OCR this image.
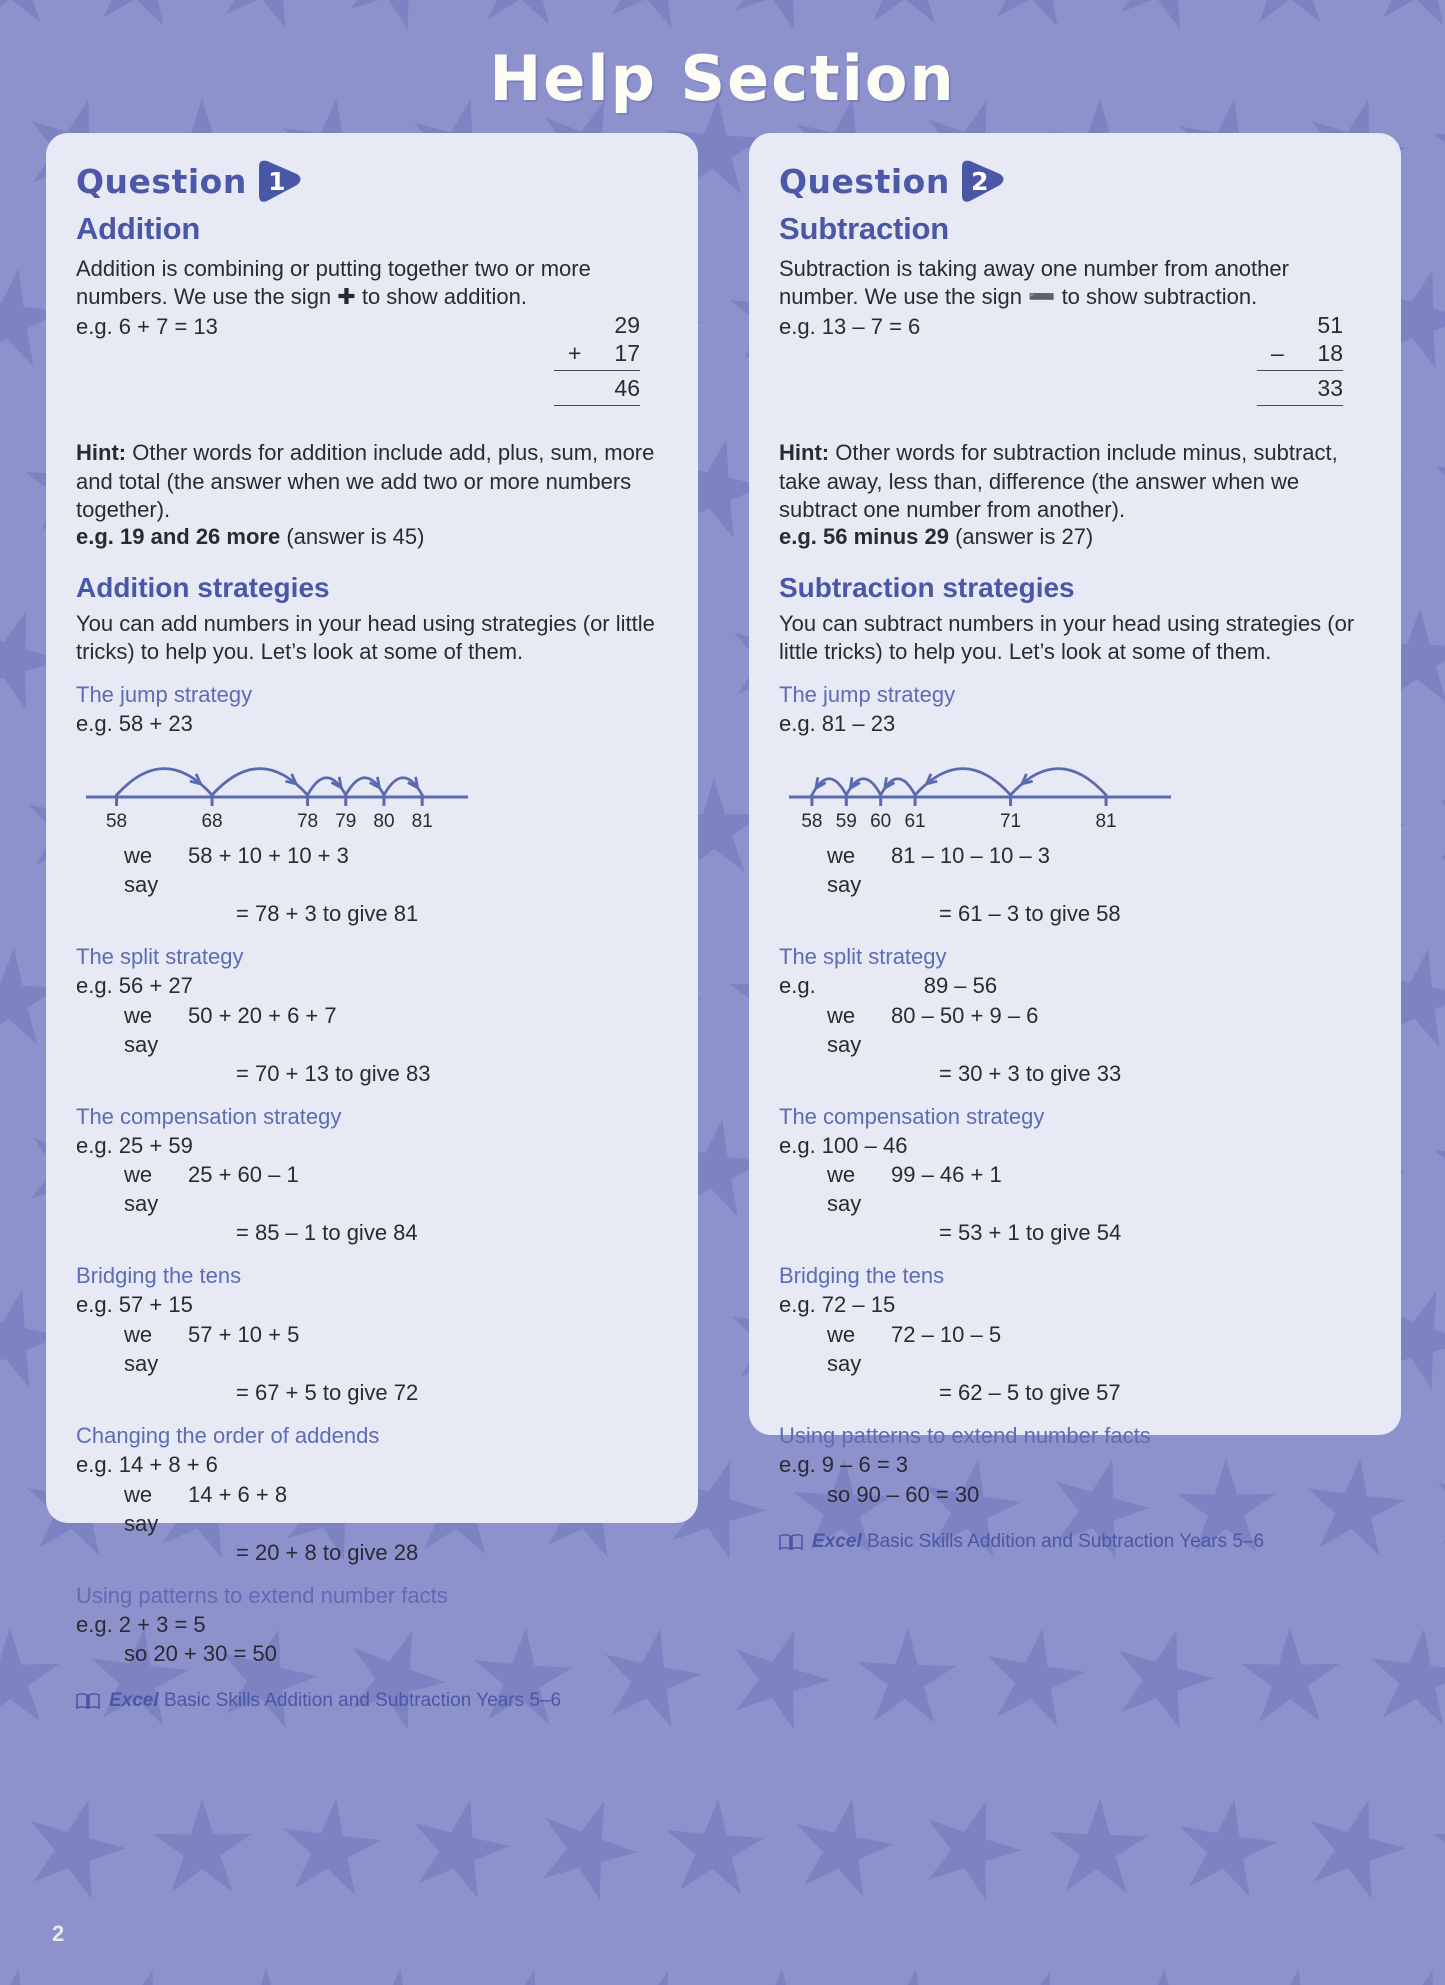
Help Section
Question 1
Addition

Addition is combining or putting together two or more numbers. We use the sign ✚ to show addition.

e.g. 6 + 7 = 13	29
+	17
46
Hint: Other words for addition include add, plus, sum, more and total (the answer when we add two or more numbers together).
e.g. 19 and 26 more (answer is 45)
Addition strategies

You can add numbers in your head using strategies (or little tricks) to help you. Let’s look at some of them.

The jump strategy
e.g. 58 + 23
58	68	78 79 80 81
we say
58 + 10 + 10 + 3
= 78 + 3 to give 81
The split strategy
e.g. 56 + 27
we say
50 + 20 + 6 + 7
= 70 + 13 to give 83
The compensation strategy
e.g. 25 + 59
we say
25 + 60 – 1
= 85 – 1 to give 84
Bridging the tens
e.g. 57 + 15
we say
57 + 10 + 5
= 67 + 5 to give 72
Changing the order of addends
e.g. 14 + 8 + 6
we say
14 + 6 + 8
= 20 + 8 to give 28
Using patterns to extend number facts
e.g. 2 + 3 = 5
so 20 + 30 = 50
Excel Basic Skills Addition and Subtraction Years 5–6
Question 2
Subtraction

Subtraction is taking away one number from another number. We use the sign ➖ to show subtraction.

e.g. 13 – 7 = 6	51
–	18
33
Hint: Other words for subtraction include minus, subtract, take away, less than, difference (the answer when we subtract one number from another).
e.g. 56 minus 29 (answer is 27)
Subtraction strategies

You can subtract numbers in your head using strategies (or little tricks) to help you. Let’s look at some of them.

The jump strategy
e.g. 81 – 23
58 59 60 61	71	81
we say
81 – 10 – 10 – 3
= 61 – 3 to give 58
The split strategy
e.g.	89 – 56
we say
80 – 50 + 9 – 6
= 30 + 3 to give 33
The compensation strategy
e.g. 100 – 46
we say
99 – 46 + 1
= 53 + 1 to give 54
Bridging the tens
e.g. 72 – 15
we say
72 – 10 – 5
= 62 – 5 to give 57
Using patterns to extend number facts
e.g. 9 – 6 = 3
so 90 – 60 = 30
Excel Basic Skills Addition and Subtraction Years 5–6
2
